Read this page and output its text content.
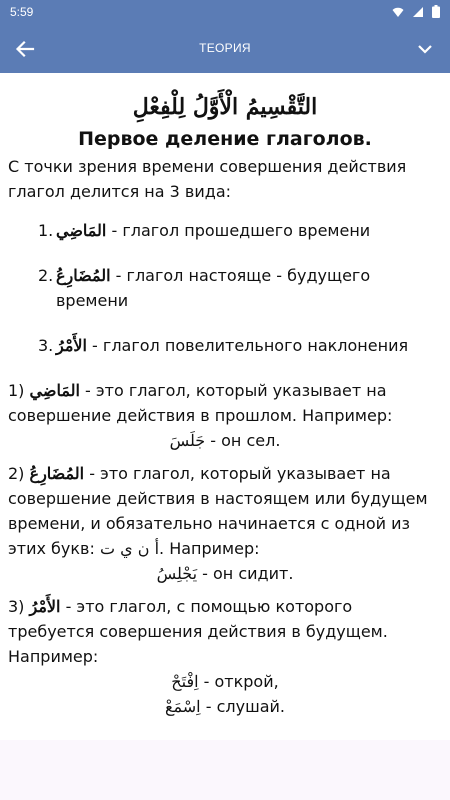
5:59
ТЕОРИЯ
التَّقْسِيمُ الْأَوَّلُ لِلْفِعْلِ
Первое деление глаголов.
С точки зрения времени совершения действия глагол делится на 3 вида:
1. المَاضِي - глагол прошедшего времени
2. المُضَارِعُ - глагол настояще - будущего времени
3. الأَمْرُ - глагол повелительного наклонения
1) المَاضِي - это глагол, который указывает на совершение действия в прошлом. Например:
جَلَسَ - он сел.
2) المُضَارِعُ - это глагол, который указывает на совершение действия в настоящем или будущем времени, и обязательно начинается с одной из этих букв: أ ن ي ت. Например:
يَجْلِسُ - он сидит.
3) الأَمْرُ - это глагол, с помощью которого требуется совершения действия в будущем. Например:
اِفْتَحْ - открой,
اِسْمَعْ - слушай.
